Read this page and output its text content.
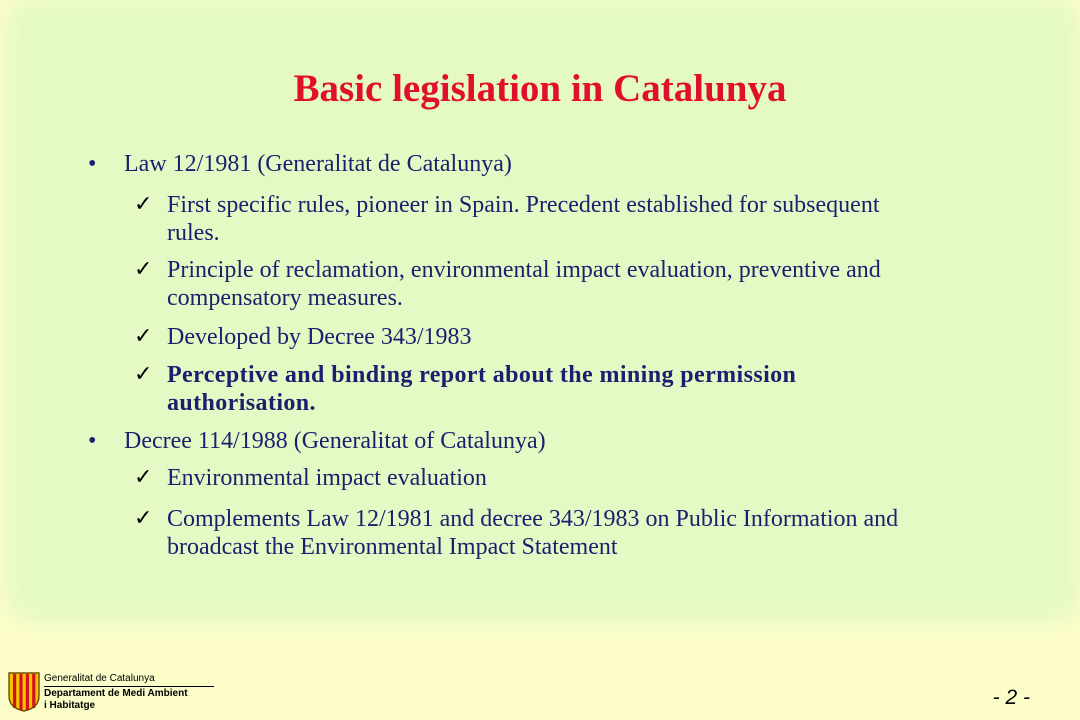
Basic legislation in Catalunya
• Law 12/1981 (Generalitat de Catalunya)
✓ First specific rules, pioneer in Spain. Precedent established for subsequent rules.
✓ Principle of reclamation, environmental impact evaluation, preventive and compensatory measures.
✓ Developed by Decree 343/1983
✓ Perceptive and binding report about the mining permission authorisation.
• Decree 114/1988 (Generalitat of Catalunya)
✓ Environmental impact evaluation
✓ Complements Law 12/1981 and decree 343/1983 on Public Information and broadcast the Environmental Impact Statement
Generalitat de Catalunya
Departament de Medi Ambient
i Habitatge	- 2 -
